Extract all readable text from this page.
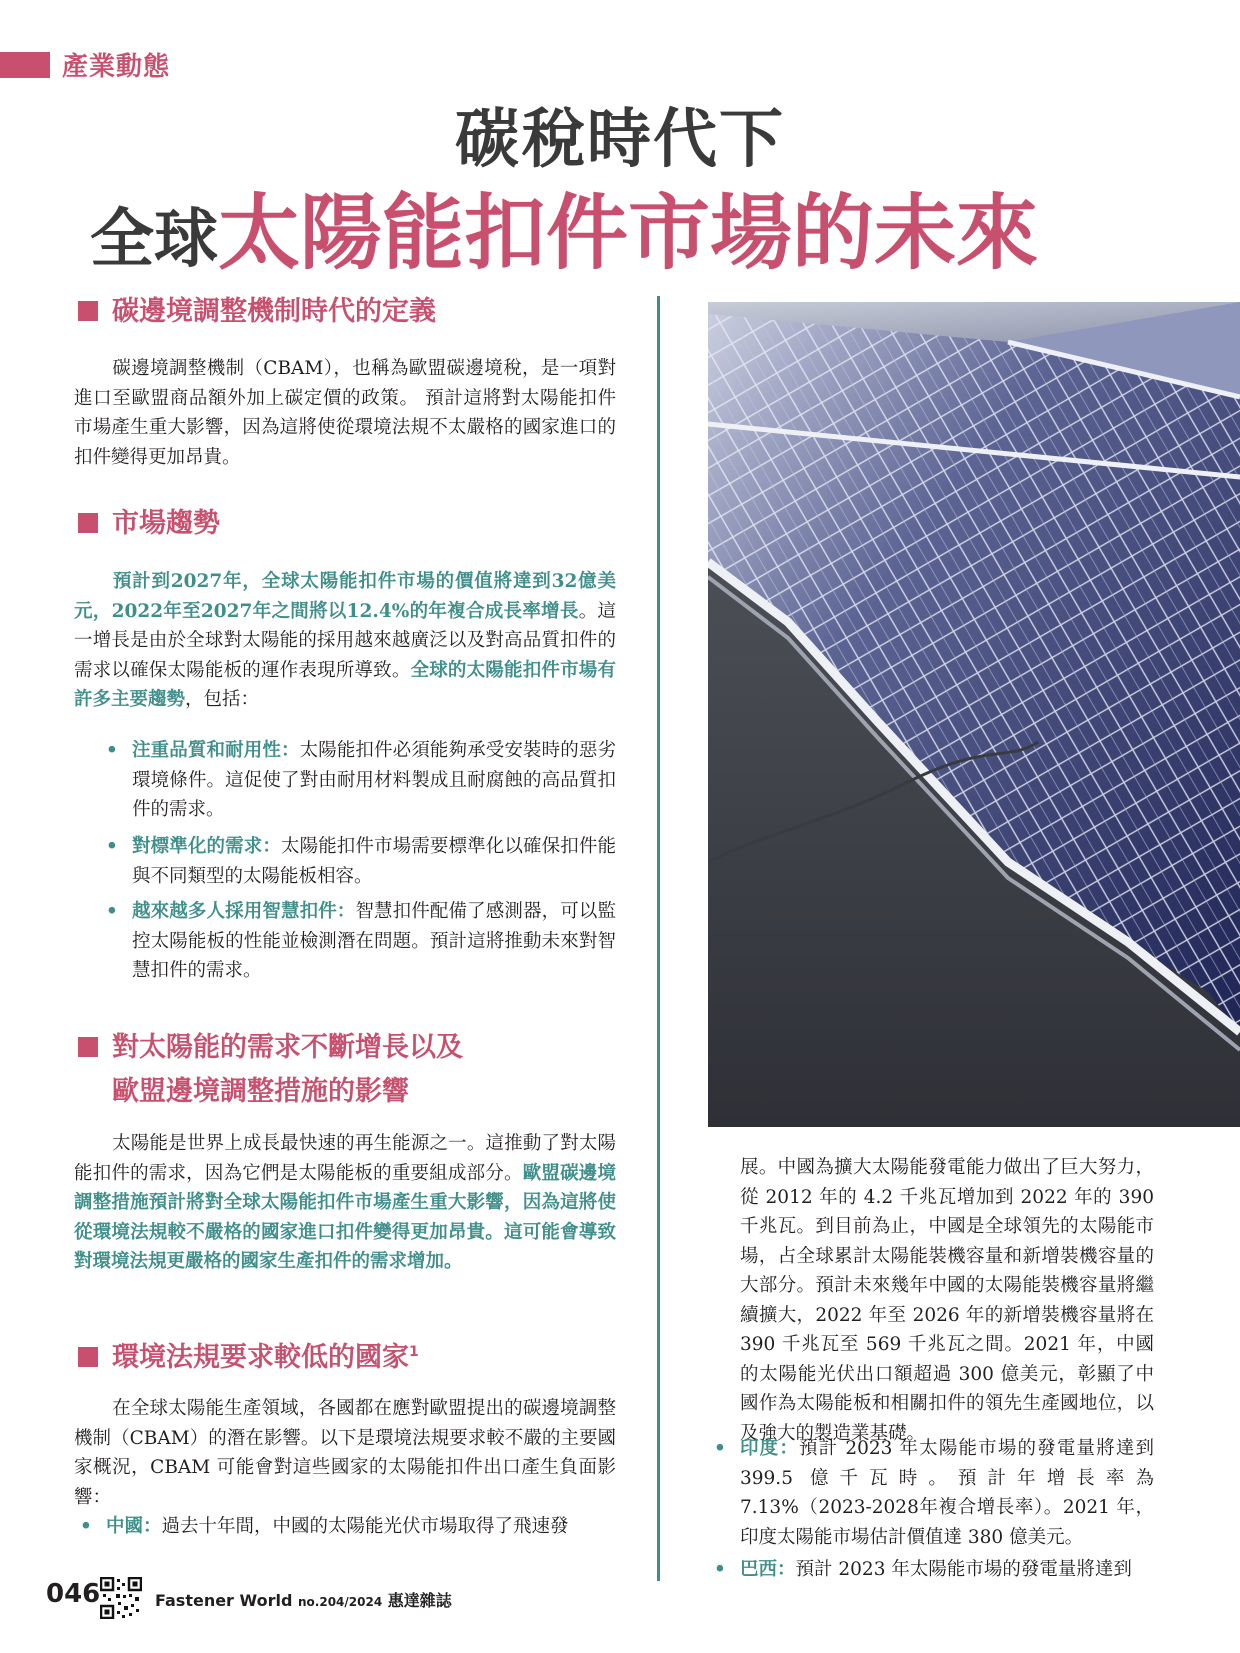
產業動態
碳稅時代下
全球太陽能扣件市場的未來
碳邊境調整機制時代的定義
碳邊境調整機制（CBAM），也稱為歐盟碳邊境稅，是一項對進口至歐盟商品額外加上碳定價的政策。 預計這將對太陽能扣件市場產生重大影響，因為這將使從環境法規不太嚴格的國家進口的扣件變得更加昂貴。
市場趨勢
預計到2027年，全球太陽能扣件市場的價值將達到32億美元，2022年至2027年之間將以12.4%的年複合成長率增長。這一增長是由於全球對太陽能的採用越來越廣泛以及對高品質扣件的需求以確保太陽能板的運作表現所導致。全球的太陽能扣件市場有許多主要趨勢，包括：
• 注重品質和耐用性：太陽能扣件必須能夠承受安裝時的惡劣環境條件。這促使了對由耐用材料製成且耐腐蝕的高品質扣件的需求。
• 對標準化的需求：太陽能扣件市場需要標準化以確保扣件能與不同類型的太陽能板相容。
• 越來越多人採用智慧扣件：智慧扣件配備了感測器，可以監控太陽能板的性能並檢測潛在問題。預計這將推動未來對智慧扣件的需求。
對太陽能的需求不斷增長以及
歐盟邊境調整措施的影響
太陽能是世界上成長最快速的再生能源之一。這推動了對太陽能扣件的需求，因為它們是太陽能板的重要組成部分。歐盟碳邊境調整措施預計將對全球太陽能扣件市場產生重大影響，因為這將使從環境法規較不嚴格的國家進口扣件變得更加昂貴。這可能會導致對環境法規更嚴格的國家生產扣件的需求增加。
環境法規要求較低的國家$^1$
在全球太陽能生產領域，各國都在應對歐盟提出的碳邊境調整機制（CBAM）的潛在影響。以下是環境法規要求較不嚴的主要國家概況，CBAM 可能會對這些國家的太陽能扣件出口產生負面影響：
• 中國：過去十年間，中國的太陽能光伏市場取得了飛速發
展。中國為擴大太陽能發電能力做出了巨大努力，從 2012 年的 4.2 千兆瓦增加到 2022 年的 390 千兆瓦。到目前為止，中國是全球領先的太陽能市場，占全球累計太陽能裝機容量和新增裝機容量的大部分。預計未來幾年中國的太陽能裝機容量將繼續擴大，2022 年至 2026 年的新增裝機容量將在 390 千兆瓦至 569 千兆瓦之間。2021 年，中國的太陽能光伏出口額超過 300 億美元，彰顯了中國作為太陽能板和相關扣件的領先生產國地位，以及強大的製造業基礎。
• 印度：預計 2023 年太陽能市場的發電量將達到 399.5 億千瓦時。預計年增長率為 7.13%（2023-2028年複合增長率）。2021 年，印度太陽能市場估計價值達 380 億美元。
• 巴西：預計 2023 年太陽能市場的發電量將達到
046	Fastener World no.204/2024 惠達雜誌
